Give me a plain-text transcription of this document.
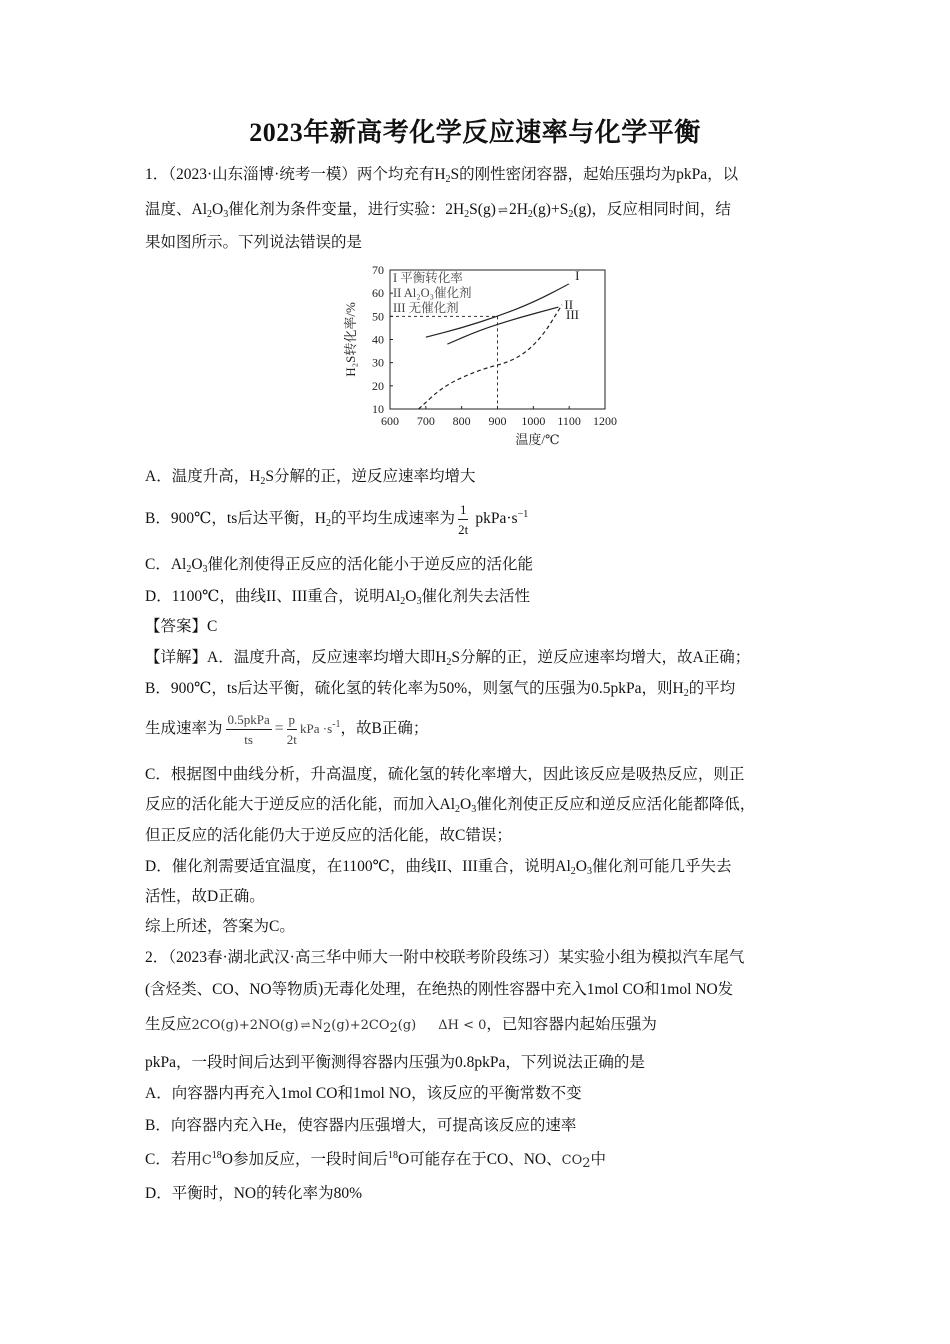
2023年新高考化学反应速率与化学平衡
1．（2023·山东淄博·统考一模）两个均充有$H_2S$的刚性密闭容器，起始压强均为pkPa，以
温度、$Al_2O_3$催化剂为条件变量，进行实验：$2H_2S(g)$ ⇌ $2H_2(g)+S_2(g)$，反应相同时间，结
果如图所示。下列说法错误的是
I
II
III
600 700 800 900 1000 1100 1200
10
20
30
40
50
60
70
I 平衡转化率
II Al₂O₃催化剂
III 无催化剂
温度/℃
H₂S转化率/%
A．温度升高，$H_2S$分解的正，逆反应速率均增大
B．900℃，ts后达平衡，$H_2$的平均生成速率为 $\frac{1}{2t}$ $pkPa\cdot s^{-1}$
C．$Al_2O_3$催化剂使得正反应的活化能小于逆反应的活化能
D．1100℃，曲线II、III重合，说明$Al_2O_3$催化剂失去活性
【答案】C
【详解】A．温度升高，反应速率均增大即$H_2S$分解的正，逆反应速率均增大，故A正确；
B．900℃，ts后达平衡，硫化氢的转化率为50%，则氢气的压强为0.5pkPa，则$H_2$的平均
生成速率为 $\frac{\text{0.5pkPa}}{ts} = \frac{p}{2t}$ kPa $\cdot s^{-1}$，故B正确；
C．根据图中曲线分析，升高温度，硫化氢的转化率增大，因此该反应是吸热反应，则正
反应的活化能大于逆反应的活化能，而加入$Al_2O_3$催化剂使正反应和逆反应活化能都降低，
但正反应的活化能仍大于逆反应的活化能，故C错误；
D．催化剂需要适宜温度，在1100℃，曲线II、III重合，说明$Al_2O_3$催化剂可能几乎失去
活性，故D正确。
综上所述，答案为C。
2．（2023春·湖北武汉·高三华中师大一附中校联考阶段练习）某实验小组为模拟汽车尾气
(含烃类、CO、NO等物质)无毒化处理，在绝热的刚性容器中充入1mol CO和1mol NO发
生反应2CO(g)+2NO(g) ⇌ $N_2(g)+2CO_2(g) \Delta H < 0$，已知容器内起始压强为
pkPa，一段时间后达到平衡测得容器内压强为0.8pkPa，下列说法正确的是
A．向容器内再充入1mol CO和1mol NO，该反应的平衡常数不变
B．向容器内充入He，使容器内压强增大，可提高该反应的速率
C．若用$C^{18}O$参加反应，一段时间后$^{18}$O可能存在于CO、NO、$CO_2$中
D．平衡时，NO的转化率为80%
